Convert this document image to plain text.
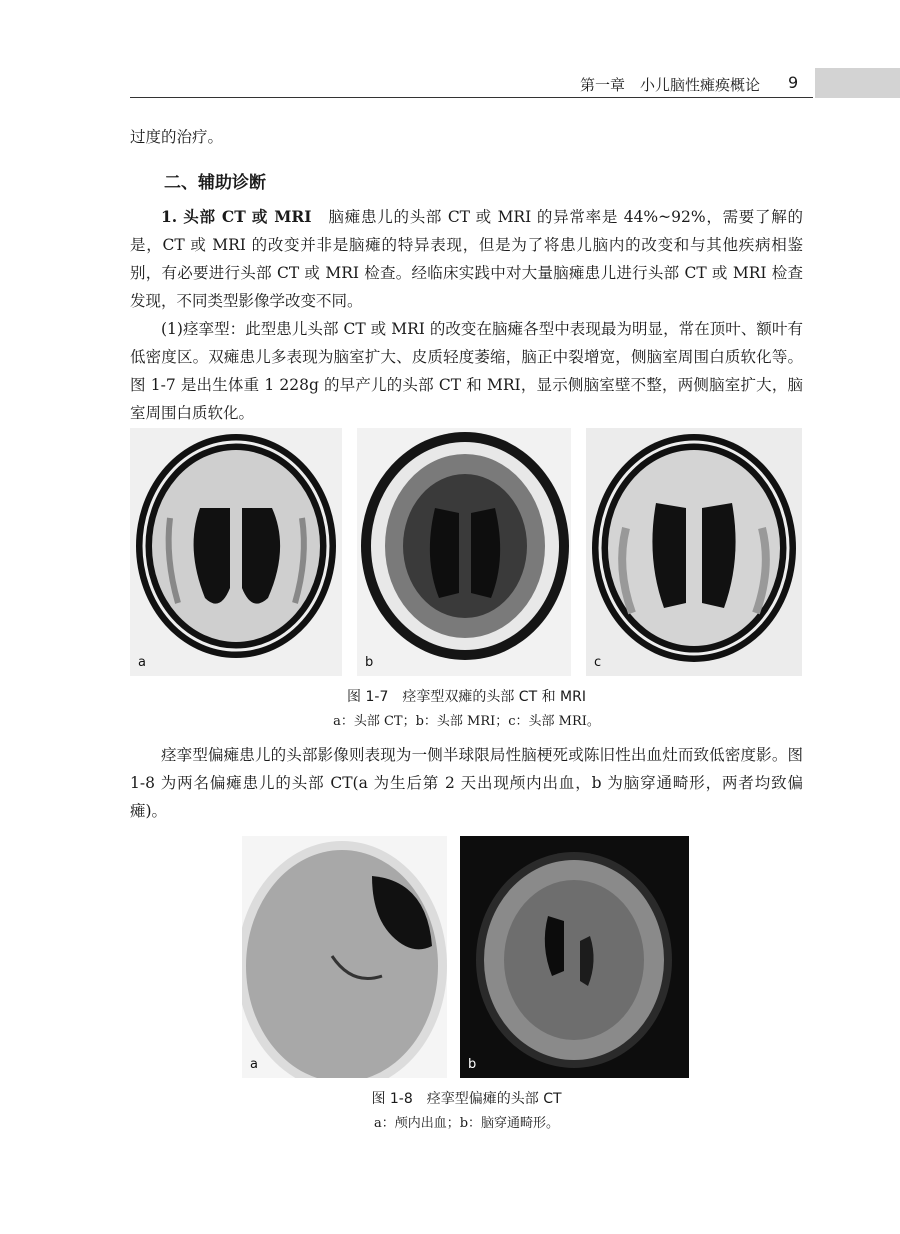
第一章　小儿脑性瘫痪概论 9

过度的治疗。

二、辅助诊断

1. 头部 CT 或 MRI　脑瘫患儿的头部 CT 或 MRI 的异常率是 44%~92%，需要了解的是，CT 或 MRI 的改变并非是脑瘫的特异表现，但是为了将患儿脑内的改变和与其他疾病相鉴别，有必要进行头部 CT 或 MRI 检查。经临床实践中对大量脑瘫患儿进行头部 CT 或 MRI 检查发现，不同类型影像学改变不同。

(1)痉挛型：此型患儿头部 CT 或 MRI 的改变在脑瘫各型中表现最为明显，常在顶叶、额叶有低密度区。双瘫患儿多表现为脑室扩大、皮质轻度萎缩，脑正中裂增宽，侧脑室周围白质软化等。图 1-7 是出生体重 1 228g 的早产儿的头部 CT 和 MRI，显示侧脑室壁不整，两侧脑室扩大，脑室周围白质软化。

a	b	c
图 1-7　痉挛型双瘫的头部 CT 和 MRI
a：头部 CT；b：头部 MRI；c：头部 MRI。

痉挛型偏瘫患儿的头部影像则表现为一侧半球限局性脑梗死或陈旧性出血灶而致低密度影。图 1-8 为两名偏瘫患儿的头部 CT(a 为生后第 2 天出现颅内出血，b 为脑穿通畸形，两者均致偏瘫)。

a	b
图 1-8　痉挛型偏瘫的头部 CT
a：颅内出血；b：脑穿通畸形。
